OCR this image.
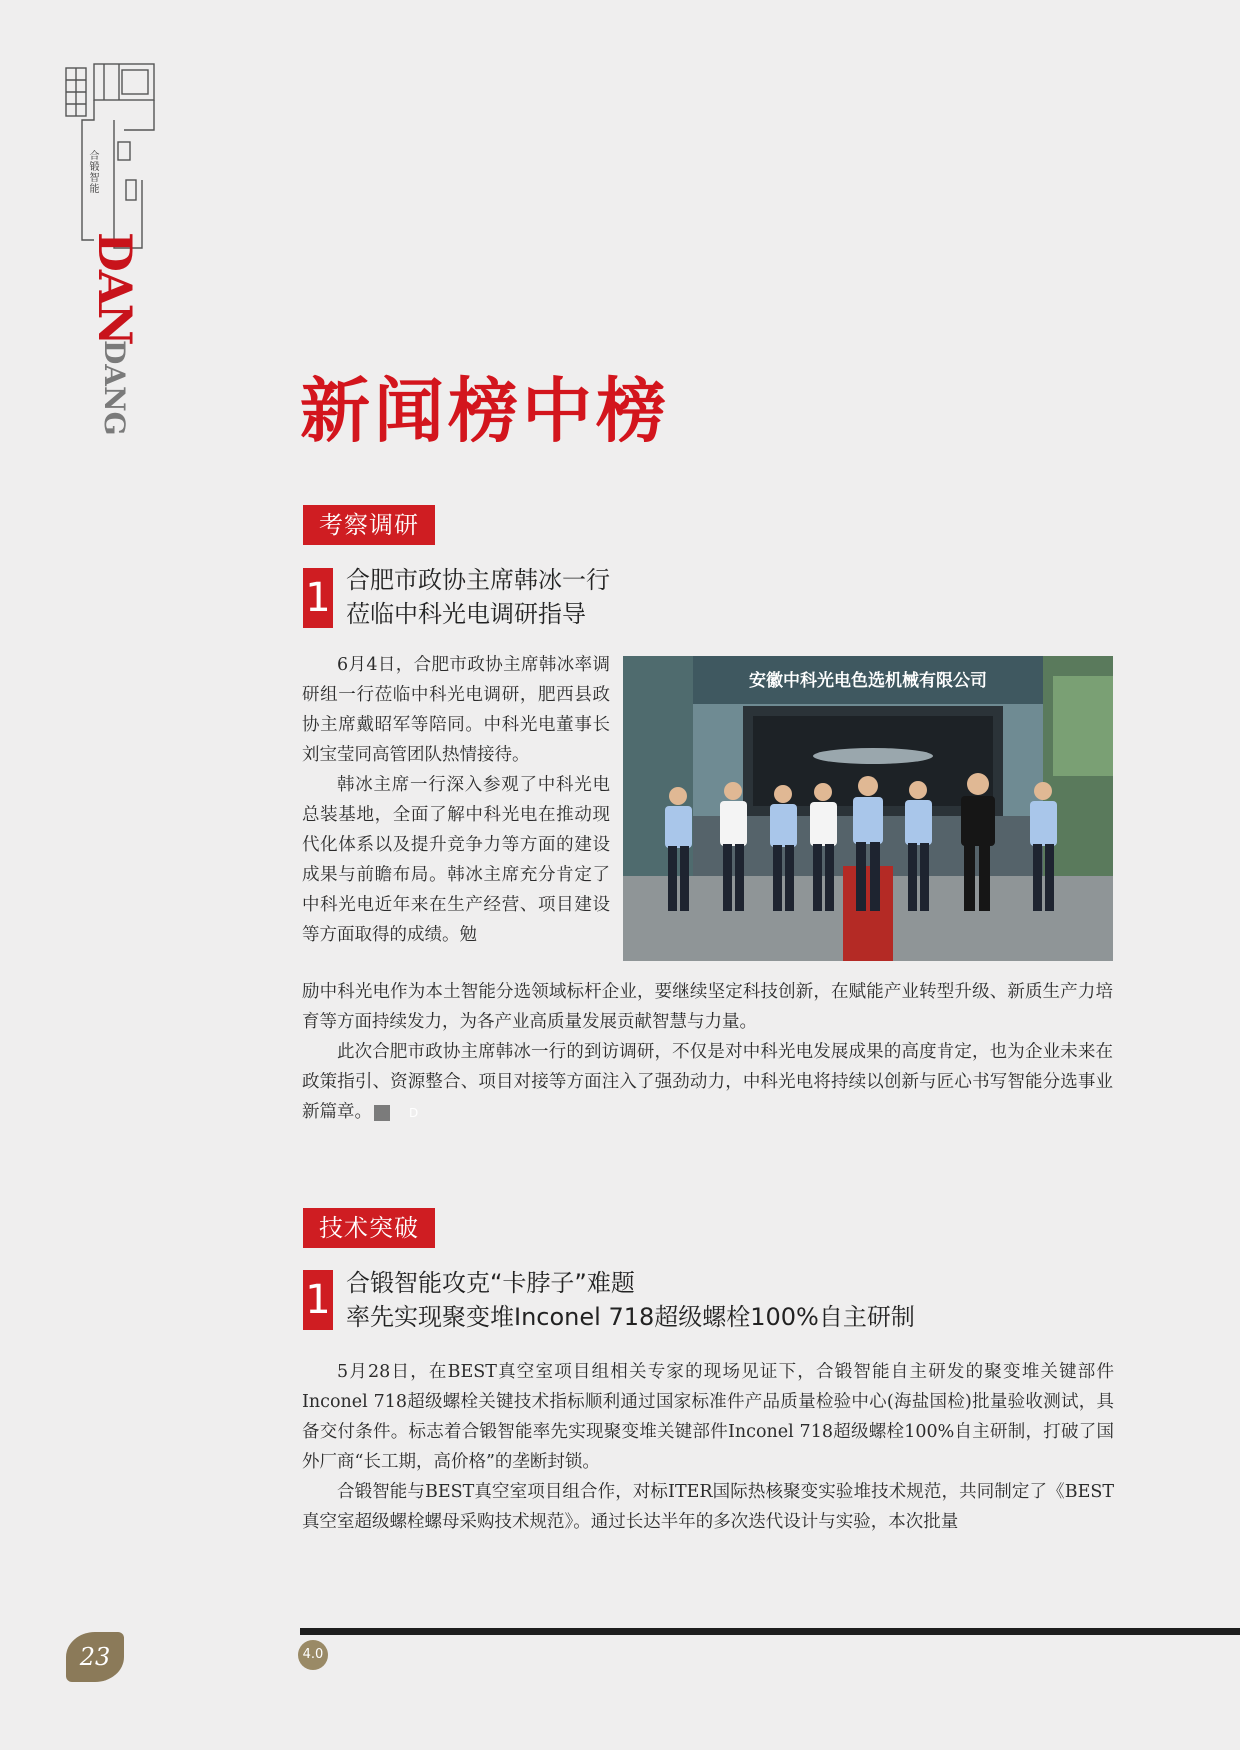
合锻智能
DAN
DANG 新闻榜中榜
考察调研
1 合肥市政协主席韩冰一行
莅临中科光电调研指导

6月4日，合肥市政协主席韩冰率调研组一行莅临中科光电调研，肥西县政协主席戴昭军等陪同。中科光电董事长刘宝莹同高管团队热情接待。

韩冰主席一行深入参观了中科光电总装基地，全面了解中科光电在推动现代化体系以及提升竞争力等方面的建设成果与前瞻布局。韩冰主席充分肯定了中科光电近年来在生产经营、项目建设等方面取得的成绩。勉

安徽中科光电色选机械有限公司

励中科光电作为本土智能分选领域标杆企业，要继续坚定科技创新，在赋能产业转型升级、新质生产力培育等方面持续发力，为各产业高质量发展贡献智慧与力量。

此次合肥市政协主席韩冰一行的到访调研，不仅是对中科光电发展成果的高度肯定，也为企业未来在政策指引、资源整合、项目对接等方面注入了强劲动力，中科光电将持续以创新与匠心书写智能分选事业新篇章。	D

技术突破
1 合锻智能攻克“卡脖子”难题
率先实现聚变堆Inconel 718超级螺栓100%自主研制

5月28日，在BEST真空室项目组相关专家的现场见证下，合锻智能自主研发的聚变堆关键部件Inconel 718超级螺栓关键技术指标顺利通过国家标准件产品质量检验中心(海盐国检)批量验收测试，具备交付条件。标志着合锻智能率先实现聚变堆关键部件Inconel 718超级螺栓100%自主研制，打破了国外厂商“长工期，高价格”的垄断封锁。

合锻智能与BEST真空室项目组合作，对标ITER国际热核聚变实验堆技术规范，共同制定了《BEST真空室超级螺栓螺母采购技术规范》。通过长达半年的多次迭代设计与实验，本次批量

23	4.0
